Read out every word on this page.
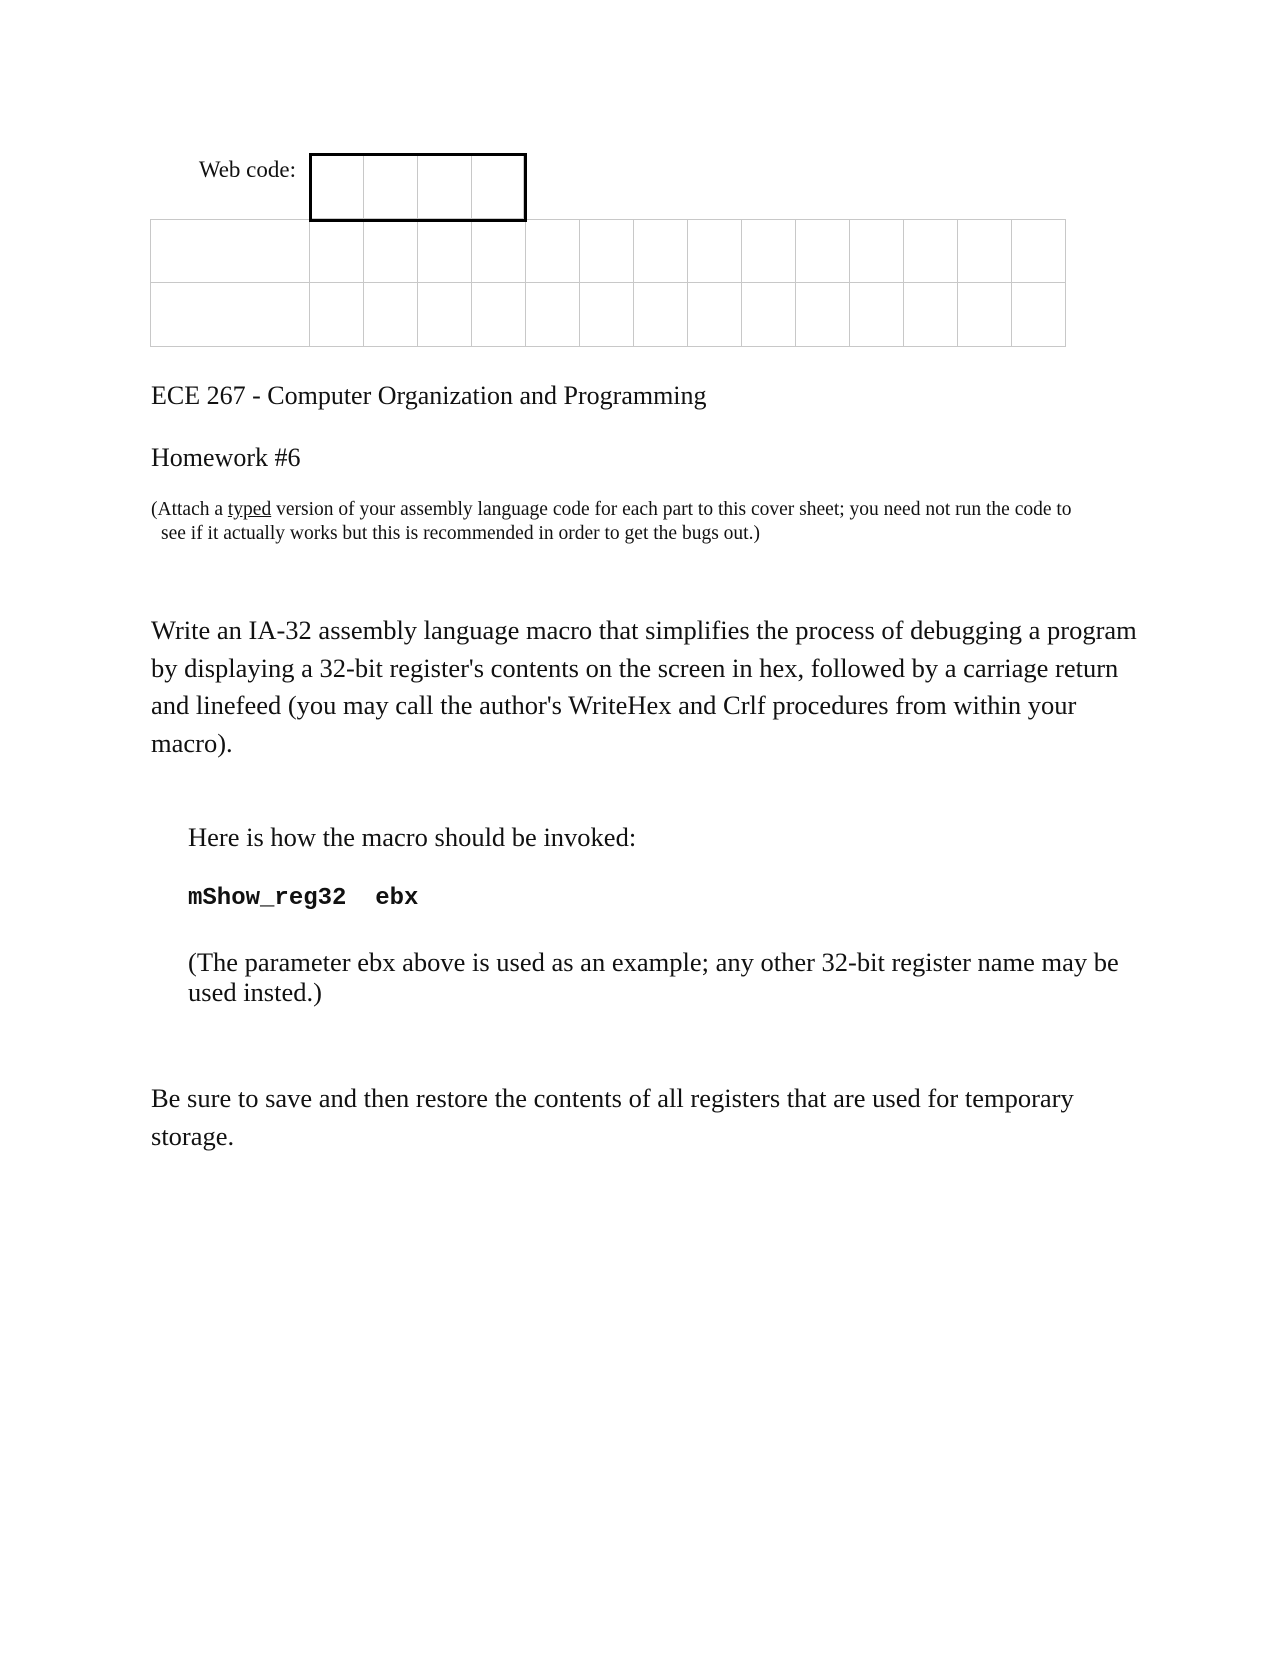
Web code:
ECE 267 - Computer Organization and Programming
Homework #6
(Attach a typed version of your assembly language code for each part to this cover sheet; you need not run the code to
see if it actually works but this is recommended in order to get the bugs out.)
Write an IA-32 assembly language macro that simplifies the process of debugging a program by displaying a 32-bit register's contents on the screen in hex, followed by a carriage return and linefeed (you may call the author's WriteHex and Crlf procedures from within your macro).
Here is how the macro should be invoked:
mShow_reg32  ebx
(The parameter ebx above is used as an example; any other 32-bit register name may be used insted.)
Be sure to save and then restore the contents of all registers that are used for temporary storage.
